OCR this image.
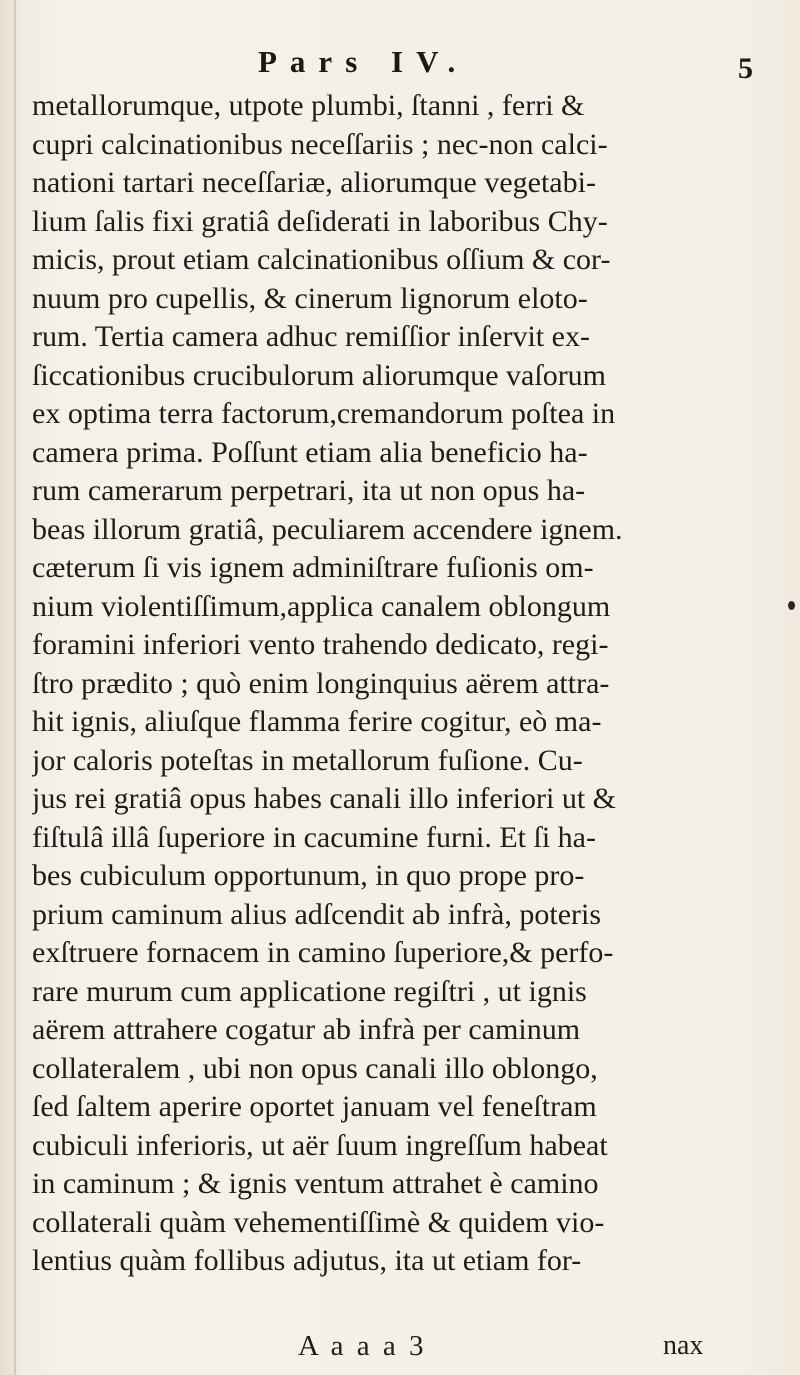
Pars IV.	5
metallorumque, utpote plumbi, ſtanni , ferri &
cupri calcinationibus neceſſariis ; nec-non calci-
nationi tartari neceſſariæ, aliorumque vegetabi-
lium ſalis fixi gratiâ deſiderati in laboribus Chy-
micis, prout etiam calcinationibus oſſium & cor-
nuum pro cupellis, & cinerum lignorum eloto-
rum. Tertia camera adhuc remiſſior inſervit ex-
ſiccationibus crucibulorum aliorumque vaſorum
ex optima terra factorum,cremandorum poſtea in
camera prima. Poſſunt etiam alia beneficio ha-
rum camerarum perpetrari, ita ut non opus ha-
beas illorum gratiâ, peculiarem accendere ignem.
cæterum ſi vis ignem adminiſtrare fuſionis om-
nium violentiſſimum,applica canalem oblongum
foramini inferiori vento trahendo dedicato, regi-
ſtro prædito ; quò enim longinquius aërem attra-
hit ignis, aliuſque flamma ferire cogitur, eò ma-
jor caloris poteſtas in metallorum fuſione. Cu-
jus rei gratiâ opus habes canali illo inferiori ut &
fiſtulâ illâ ſuperiore in cacumine furni. Et ſi ha-
bes cubiculum opportunum, in quo prope pro-
prium caminum alius adſcendit ab infrà, poteris
exſtruere fornacem in camino ſuperiore,& perfo-
rare murum cum applicatione regiſtri , ut ignis
aërem attrahere cogatur ab infrà per caminum
collateralem , ubi non opus canali illo oblongo,
ſed ſaltem aperire oportet januam vel feneſtram
cubiculi inferioris, ut aër ſuum ingreſſum habeat
in caminum ; & ignis ventum attrahet è camino
collaterali quàm vehementiſſimè & quidem vio-
lentius quàm follibus adjutus, ita ut etiam for-
A a a a 3	nax
